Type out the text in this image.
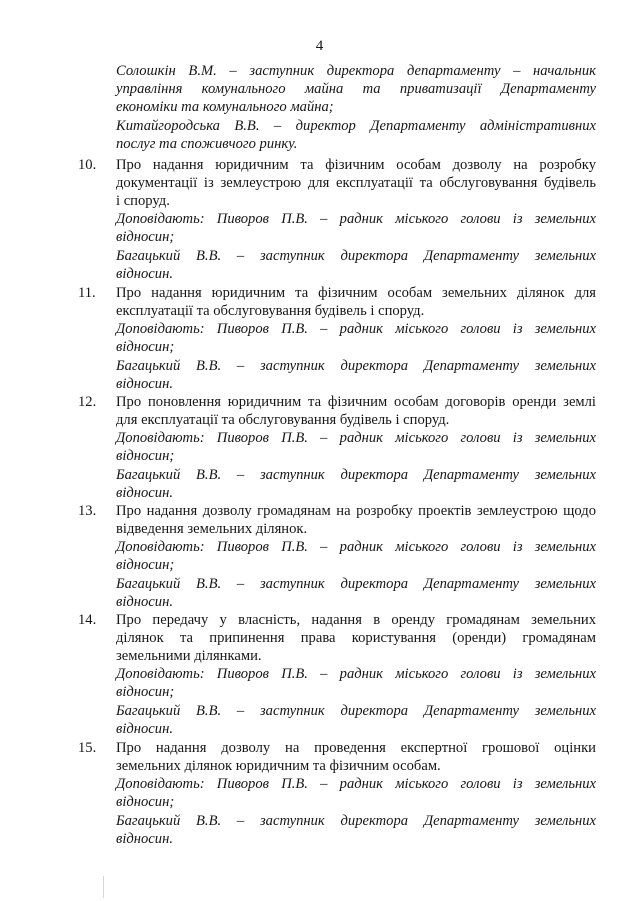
4
Солошкін В.М. – заступник директора департаменту – начальник
управління комунального майна та приватизації Департаменту
економіки та комунального майна;
Китайгородська В.В. – директор Департаменту адміністративних
послуг та споживчого ринку.
10.	Про надання юридичним та фізичним особам дозволу на розробку
документації із землеустрою для експлуатації та обслуговування будівель
і споруд.
Доповідають: Пиворов П.В. – радник міського голови із земельних
відносин;
Багацький В.В. – заступник директора Департаменту земельних
відносин.
11.	Про надання юридичним та фізичним особам земельних ділянок для
експлуатації та обслуговування будівель і споруд.
Доповідають: Пиворов П.В. – радник міського голови із земельних
відносин;
Багацький В.В. – заступник директора Департаменту земельних
відносин.
12.	Про поновлення юридичним та фізичним особам договорів оренди землі
для експлуатації та обслуговування будівель і споруд.
Доповідають: Пиворов П.В. – радник міського голови із земельних
відносин;
Багацький В.В. – заступник директора Департаменту земельних
відносин.
13.	Про надання дозволу громадянам на розробку проектів землеустрою щодо
відведення земельних ділянок.
Доповідають: Пиворов П.В. – радник міського голови із земельних
відносин;
Багацький В.В. – заступник директора Департаменту земельних
відносин.
14.	Про передачу у власність, надання в оренду громадянам земельних
ділянок та припинення права користування (оренди) громадянам
земельними ділянками.
Доповідають: Пиворов П.В. – радник міського голови із земельних
відносин;
Багацький В.В. – заступник директора Департаменту земельних
відносин.
15.	Про надання дозволу на проведення експертної грошової оцінки
земельних ділянок юридичним та фізичним особам.
Доповідають: Пиворов П.В. – радник міського голови із земельних
відносин;
Багацький В.В. – заступник директора Департаменту земельних
відносин.
